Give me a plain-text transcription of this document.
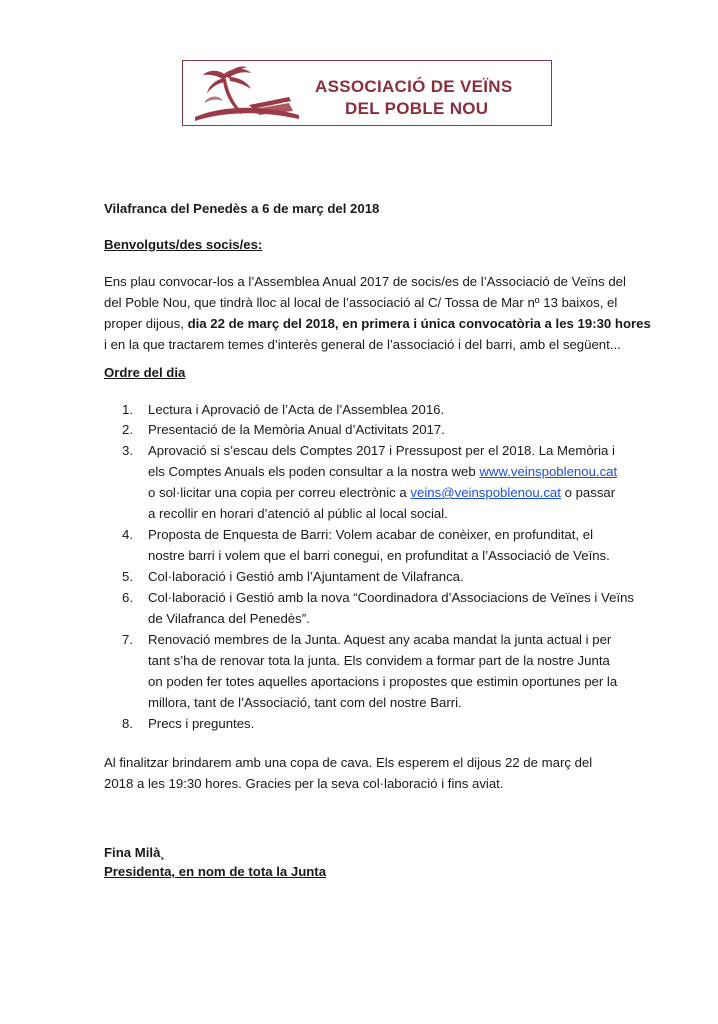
ASSOCIACIÓ DE VEÏNS
DEL POBLE NOU
Vilafranca del Penedès a 6 de març del 2018
Benvolguts/des socis/es:
Ens plau convocar-los a l’Assemblea Anual 2017 de socis/es de l’Associació de Veïns del
del Poble Nou, que tindrà lloc al local de l’associació al C/ Tossa de Mar nº 13 baixos, el
proper dijous, dia 22 de març del 2018, en primera i única convocatòria a les 19:30 hores
i en la que tractarem temes d’interès general de l’associació i del barri, amb el següent...
Ordre del dia
1.	Lectura i Aprovació de l’Acta de l’Assemblea 2016.
2.	Presentació de la Memòria Anual d’Activitats 2017.
3.	Aprovació si s’escau dels Comptes 2017 i Pressupost per el 2018. La Memòria i
els Comptes Anuals els poden consultar a la nostra web www.veinspoblenou.cat
o sol·licitar una copia per correu electrònic a veins@veinspoblenou.cat o passar
a recollir en horari d’atenció al públic al local social.
4.	Proposta de Enquesta de Barri: Volem acabar de conèixer, en profunditat, el
nostre barri i volem que el barri conegui, en profunditat a l’Associació de Veïns.
5.	Col·laboració i Gestió amb l’Ajuntament de Vilafranca.
6.	Col·laboració i Gestió amb la nova “Coordinadora d’Associacions de Veïnes i Veïns
de Vilafranca del Penedès”.
7.	Renovació membres de la Junta. Aquest any acaba mandat la junta actual i per
tant s’ha de renovar tota la junta. Els convidem a formar part de la nostre Junta
on poden fer totes aquelles aportacions i propostes que estimin oportunes per la
millora, tant de l’Associació, tant com del nostre Barri.
8.	Precs i preguntes.
Al finalitzar brindarem amb una copa de cava. Els esperem el dijous 22 de març del
2018 a les 19:30 hores. Gracies per la seva col·laboració i fins aviat.
Fina Milà¸
Presidenta, en nom de tota la Junta
